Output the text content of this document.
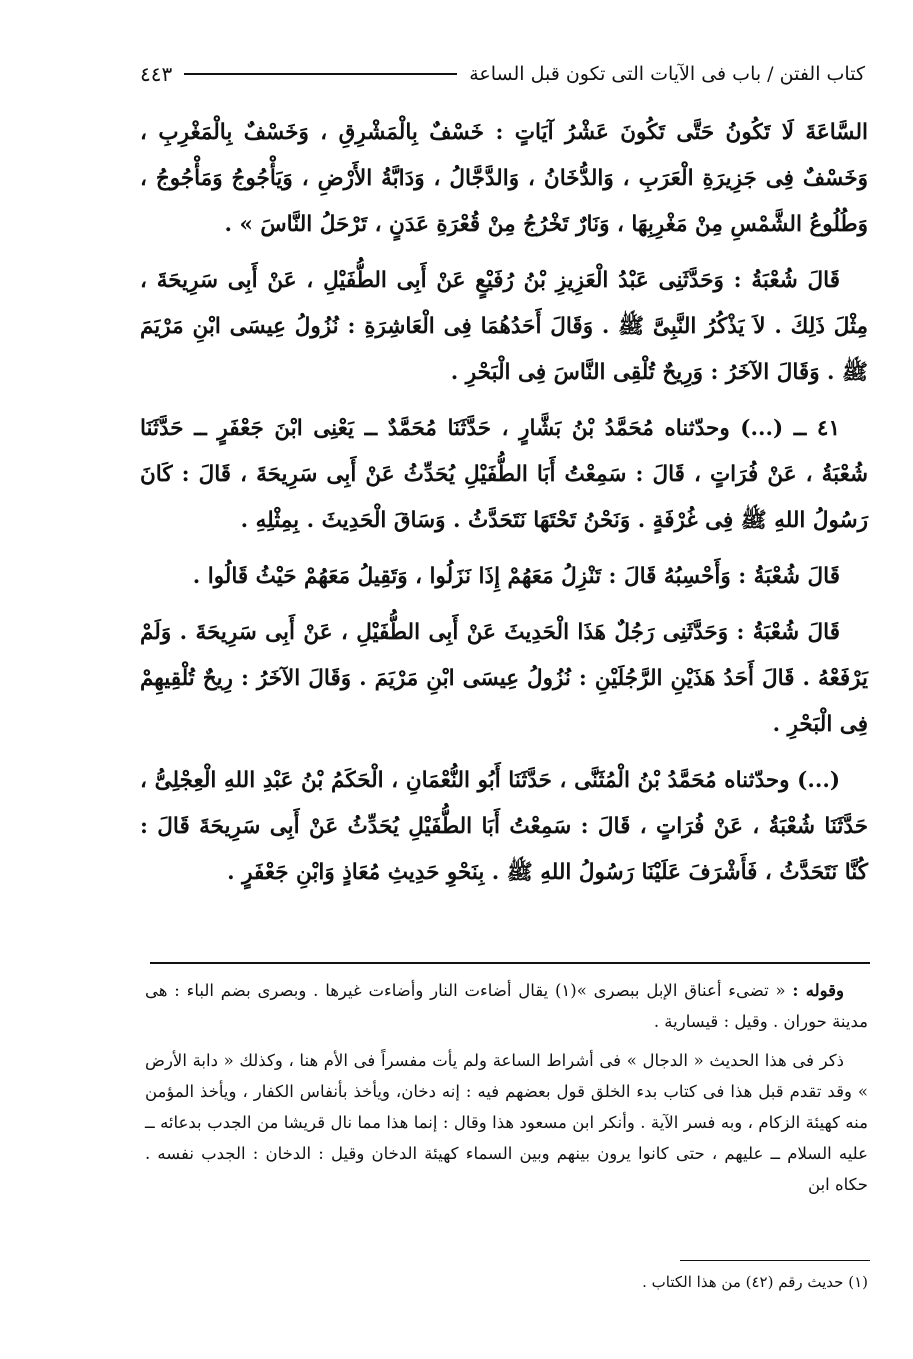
كتاب الفتن / باب فى الآيات التى تكون قبل الساعة
٤٤٣

السَّاعَةَ لَا تَكُونُ حَتَّى تَكُونَ عَشْرُ آيَاتٍ : خَسْفٌ بِالْمَشْرِقِ ، وَخَسْفٌ بِالْمَغْرِبِ ، وَخَسْفٌ فِى جَزِيرَةِ الْعَرَبِ ، وَالدُّخَانُ ، وَالدَّجَّالُ ، وَدَابَّةُ الأَرْضِ ، وَيَأْجُوجُ وَمَأْجُوجُ ، وَطُلُوعُ الشَّمْسِ مِنْ مَغْرِبِهَا ، وَنَارٌ تَخْرُجُ مِنْ قُعْرَةِ عَدَنٍ ، تَرْحَلُ النَّاسَ » .

قَالَ شُعْبَةُ : وَحَدَّثَنِى عَبْدُ الْعَزِيزِ بْنُ رُفَيْعٍ عَنْ أَبِى الطُّفَيْلِ ، عَنْ أَبِى سَرِيحَةَ ، مِثْلَ ذَلِكَ . لاَ يَذْكُرُ النَّبِىَّ ﷺ . وَقَالَ أَحَدُهُمَا فِى الْعَاشِرَةِ : نُزُولُ عِيسَى ابْنِ مَرْيَمَ ﷺ . وَقَالَ الآخَرُ : وَرِيحٌ تُلْقِى النَّاسَ فِى الْبَحْرِ .

٤١ ــ (...) وحدّثناه مُحَمَّدُ بْنُ بَشَّارٍ ، حَدَّثَنَا مُحَمَّدٌ ــ يَعْنِى ابْنَ جَعْفَرٍ ــ حَدَّثَنَا شُعْبَةُ ، عَنْ فُرَاتٍ ، قَالَ : سَمِعْتُ أَبَا الطُّفَيْلِ يُحَدِّثُ عَنْ أَبِى سَرِيحَةَ ، قَالَ : كَانَ رَسُولُ اللهِ ﷺ فِى غُرْفَةٍ . وَنَحْنُ تَحْتَهَا نَتَحَدَّثُ . وَسَاقَ الْحَدِيثَ . بِمِثْلِهِ .

قَالَ شُعْبَةُ : وَأَحْسِبُهُ قَالَ : تَنْزِلُ مَعَهُمْ إِذَا نَزَلُوا ، وَتَقِيلُ مَعَهُمْ حَيْثُ قَالُوا .

قَالَ شُعْبَةُ : وَحَدَّثَنِى رَجُلٌ هَذَا الْحَدِيثَ عَنْ أَبِى الطُّفَيْلِ ، عَنْ أَبِى سَرِيحَةَ . وَلَمْ يَرْفَعْهُ . قَالَ أَحَدُ هَذَيْنِ الرَّجُلَيْنِ : نُزُولُ عِيسَى ابْنِ مَرْيَمَ . وَقَالَ الآخَرُ : رِيحٌ تُلْقِيهِمْ فِى الْبَحْرِ .

(...) وحدّثناه مُحَمَّدُ بْنُ الْمُثَنَّى ، حَدَّثَنَا أَبُو النُّعْمَانِ ، الْحَكَمُ بْنُ عَبْدِ اللهِ الْعِجْلِىُّ ، حَدَّثَنَا شُعْبَةُ ، عَنْ فُرَاتٍ ، قَالَ : سَمِعْتُ أَبَا الطُّفَيْلِ يُحَدِّثُ عَنْ أَبِى سَرِيحَةَ قَالَ : كُنَّا نَتَحَدَّثُ ، فَأَشْرَفَ عَلَيْنَا رَسُولُ اللهِ ﷺ . بِنَحْوِ حَدِيثِ مُعَاذٍ وَابْنِ جَعْفَرٍ .

وقوله : « تضىء أعناق الإبل ببصرى »(١) يقال أضاءت النار وأضاءت غيرها . وبصرى بضم الباء : هى مدينة حوران . وقيل : قيسارية .

ذكر فى هذا الحديث « الدجال » فى أشراط الساعة ولم يأت مفسراً فى الأم هنا ، وكذلك « دابة الأرض » وقد تقدم قبل هذا فى كتاب بدء الخلق قول بعضهم فيه : إنه دخان، ويأخذ بأنفاس الكفار ، ويأخذ المؤمن منه كهيئة الزكام ، وبه فسر الآية . وأنكر ابن مسعود هذا وقال : إنما هذا مما نال قريشا من الجدب بدعائه ــ عليه السلام ــ عليهم ، حتى كانوا يرون بينهم وبين السماء كهيئة الدخان وقيل : الدخان : الجدب نفسه . حكاه ابن

(١) حديث رقم (٤٢) من هذا الكتاب .
